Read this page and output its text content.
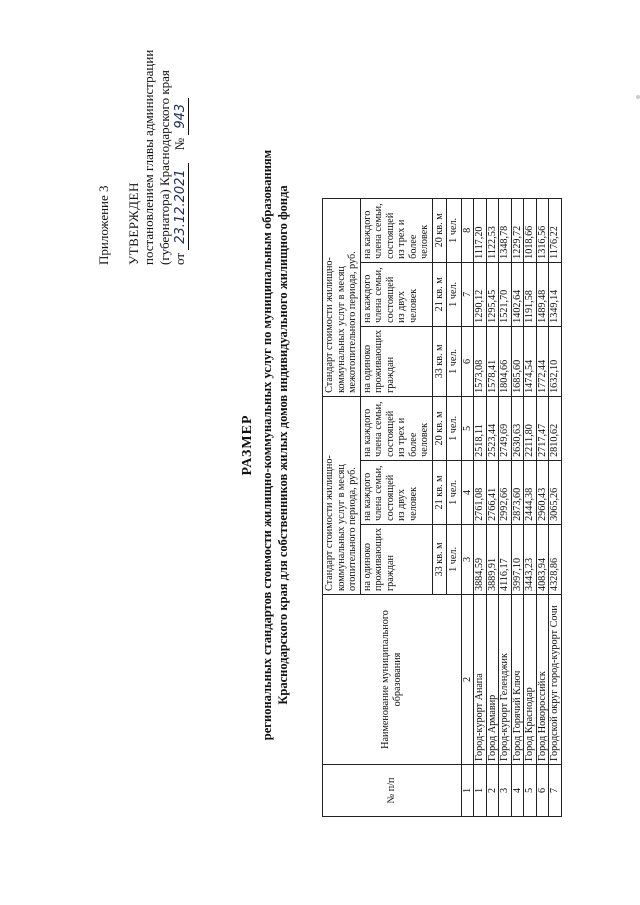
Приложение 3 УТВЕРЖДЕН постановлением главы администрации (губернатора) Краснодарского края от 23.12.2021    № 943
РАЗМЕР региональных стандартов стоимости жилищно-коммунальных услуг по муниципальным образованиям Краснодарского края для собственников жилых домов индивидуального жилищного фонда
№ п/п	Наименование муниципального образования	Стандарт стоимости жилищно-коммунальных услуг в месяц отопительного периода, руб.			Стандарт стоимости жилищно-коммунальных услуг в месяц межотопительного периода, руб.		
		на одиноко проживающих граждан	на каждого члена семьи, состоящей из двух человек	на каждого члена семьи, состоящей из трех и более человек	на одиноко проживающих граждан	на каждого члена семьи, состоящей из двух человек	на каждого члена семьи, состоящей из трех и более человек
		33 кв. м	21 кв. м	20 кв. м	33 кв. м	21 кв. м	20 кв. м
		1 чел.	1 чел.	1 чел.	1 чел.	1 чел.	1 чел.
1	2	3	4	5	6	7	8
1	Город-курорт Анапа	3884,59	2761,08	2518,11	1573,08	1290,12	1117,20
2	Город Армавир	3889,91	2766,41	2523,44	1578,41	1295,45	1122,53
3	Город-курорт Геленджик	4116,17	2992,66	2749,69	1804,66	1521,70	1348,78
4	Город Горячий Ключ	3997,10	2873,60	2630,63	1685,60	1402,64	1229,72
5	Город Краснодар	3443,23	2444,38	2211,80	1474,54	1191,58	1018,66
6	Город Новороссийск	4083,94	2960,43	2717,47	1772,44	1489,48	1316,56
7	Городской округ город-курорт Сочи	4328,86	3065,26	2810,62	1632,10	1349,14	1176,22
